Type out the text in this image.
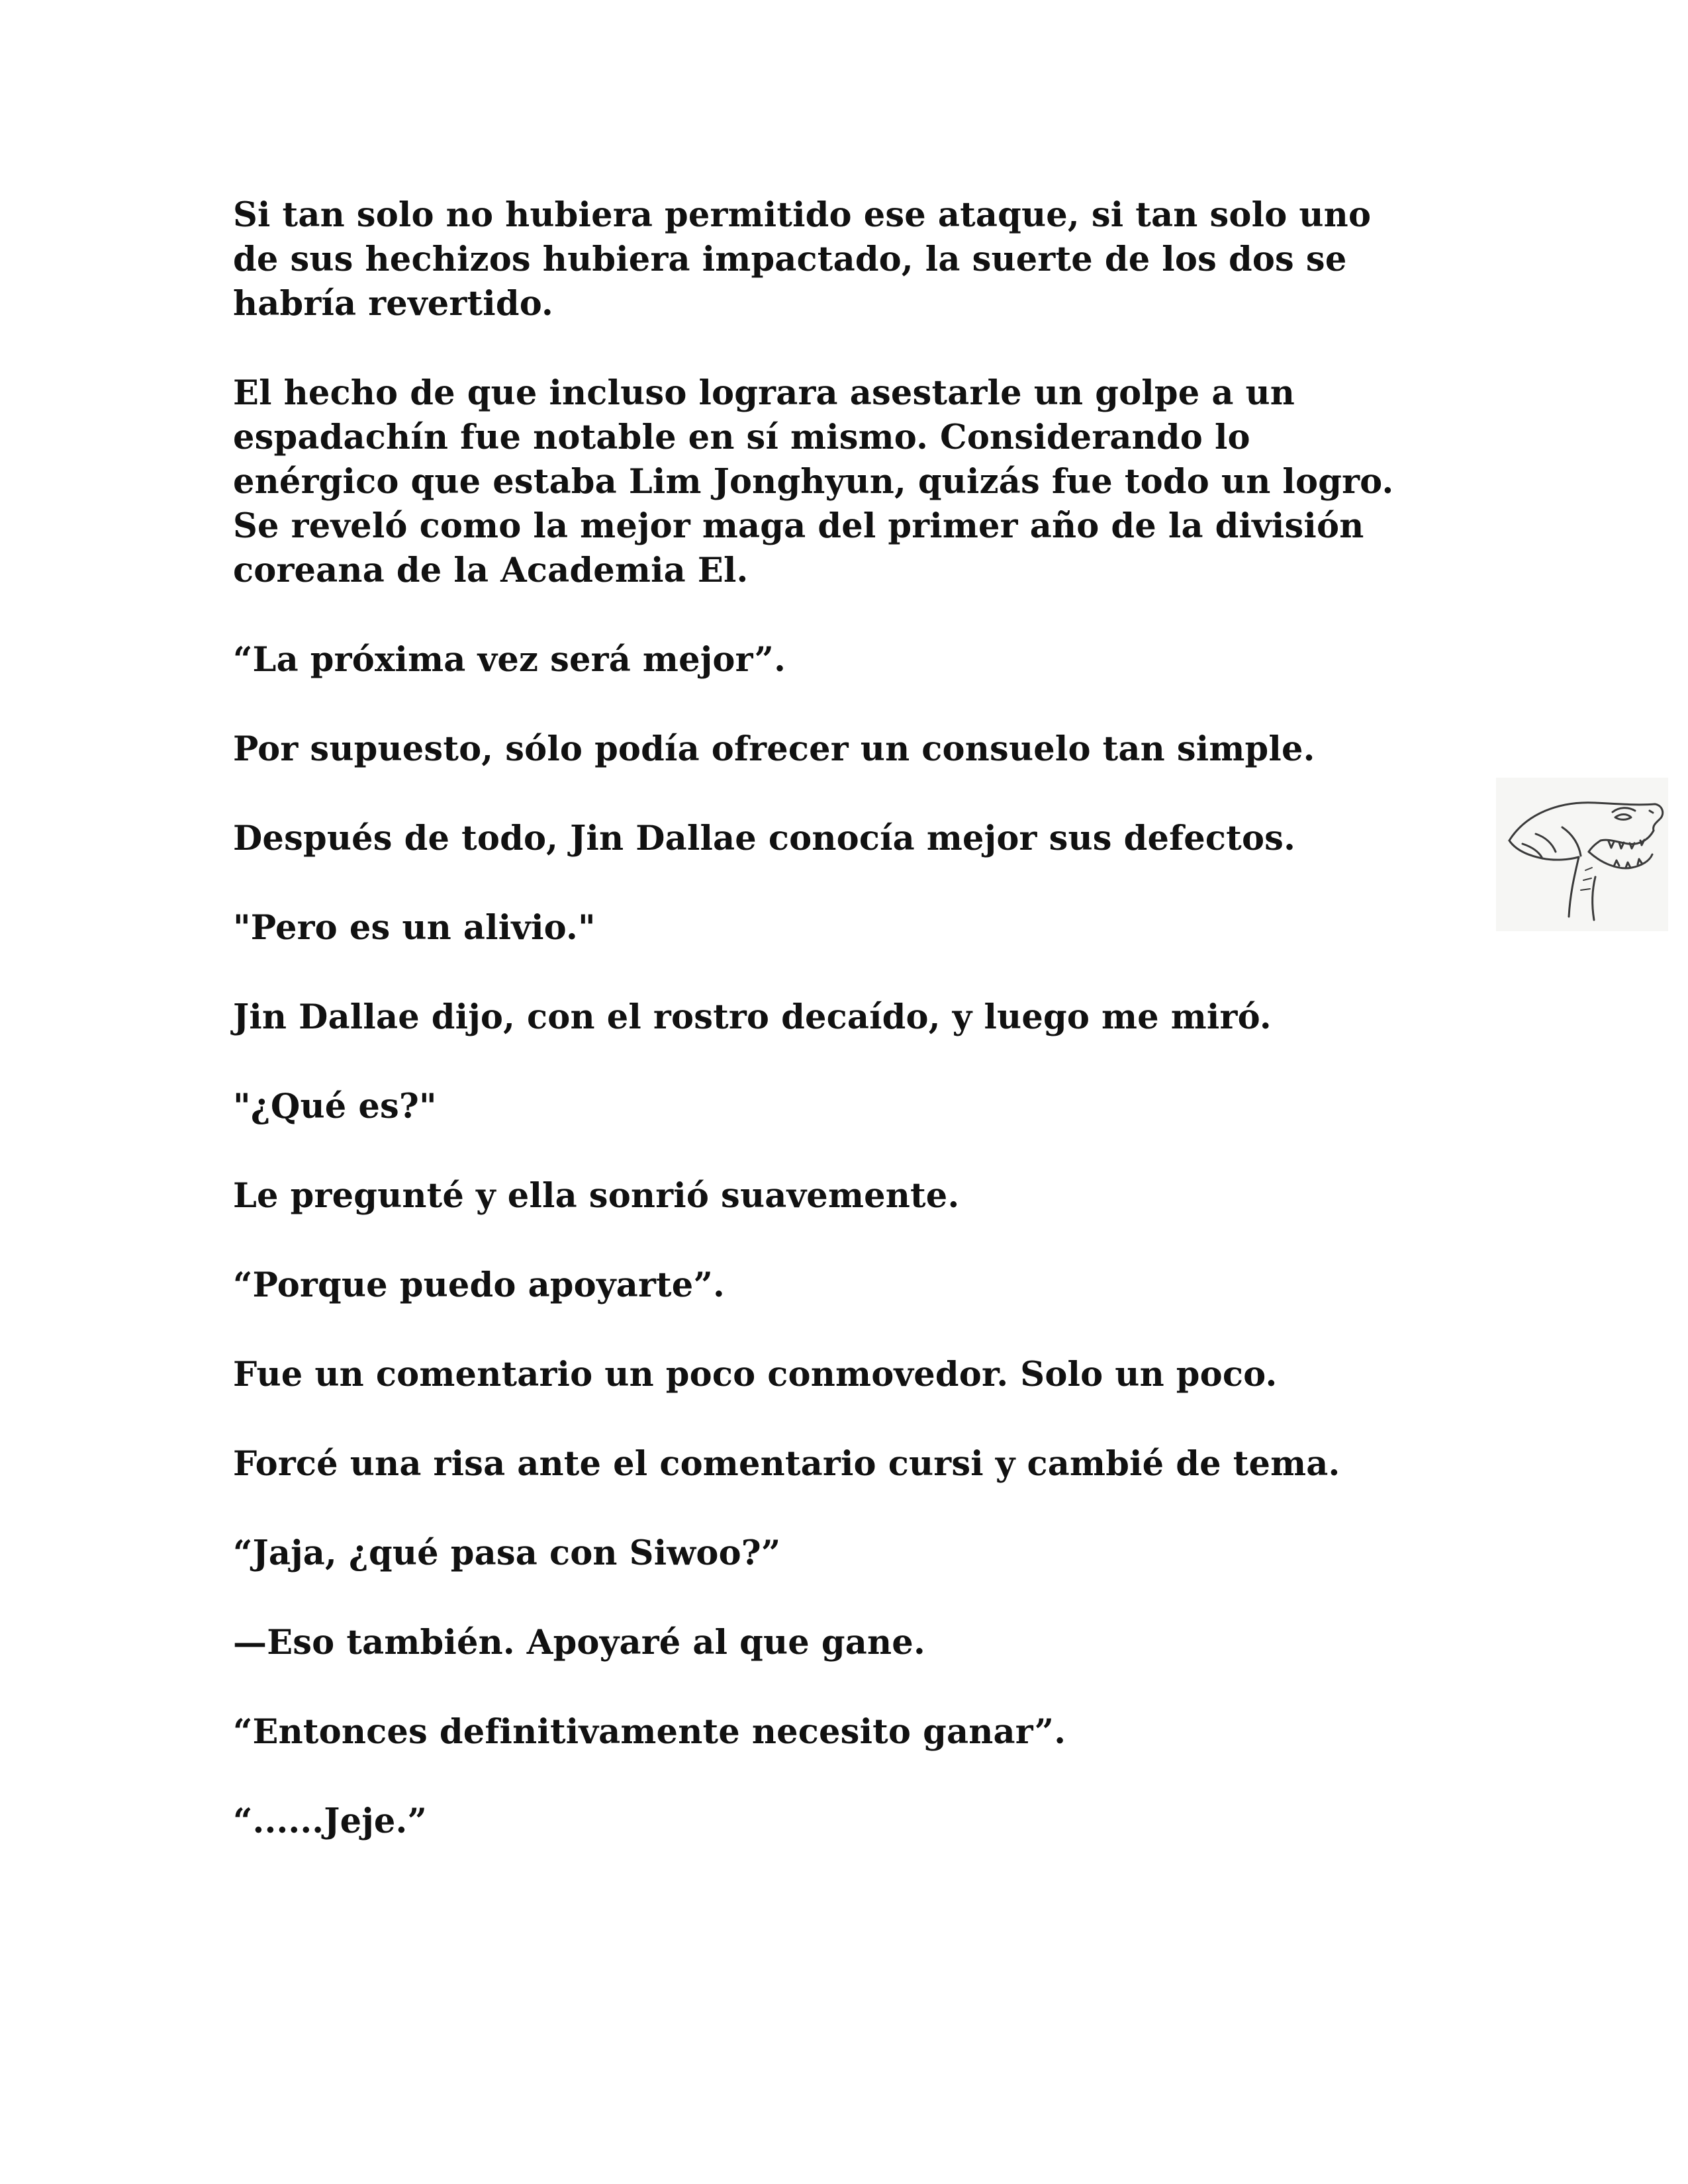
Si tan solo no hubiera permitido ese ataque, si tan solo uno
de sus hechizos hubiera impactado, la suerte de los dos se
habría revertido.

El hecho de que incluso lograra asestarle un golpe a un
espadachín fue notable en sí mismo. Considerando lo
enérgico que estaba Lim Jonghyun, quizás fue todo un logro.
Se reveló como la mejor maga del primer año de la división
coreana de la Academia El.

“La próxima vez será mejor”.

Por supuesto, sólo podía ofrecer un consuelo tan simple.

Después de todo, Jin Dallae conocía mejor sus defectos.

"Pero es un alivio."

Jin Dallae dijo, con el rostro decaído, y luego me miró.

"¿Qué es?"

Le pregunté y ella sonrió suavemente.

“Porque puedo apoyarte”.

Fue un comentario un poco conmovedor. Solo un poco.

Forcé una risa ante el comentario cursi y cambié de tema.

“Jaja, ¿qué pasa con Siwoo?”

—Eso también. Apoyaré al que gane.

“Entonces definitivamente necesito ganar”.

“......Jeje.”
